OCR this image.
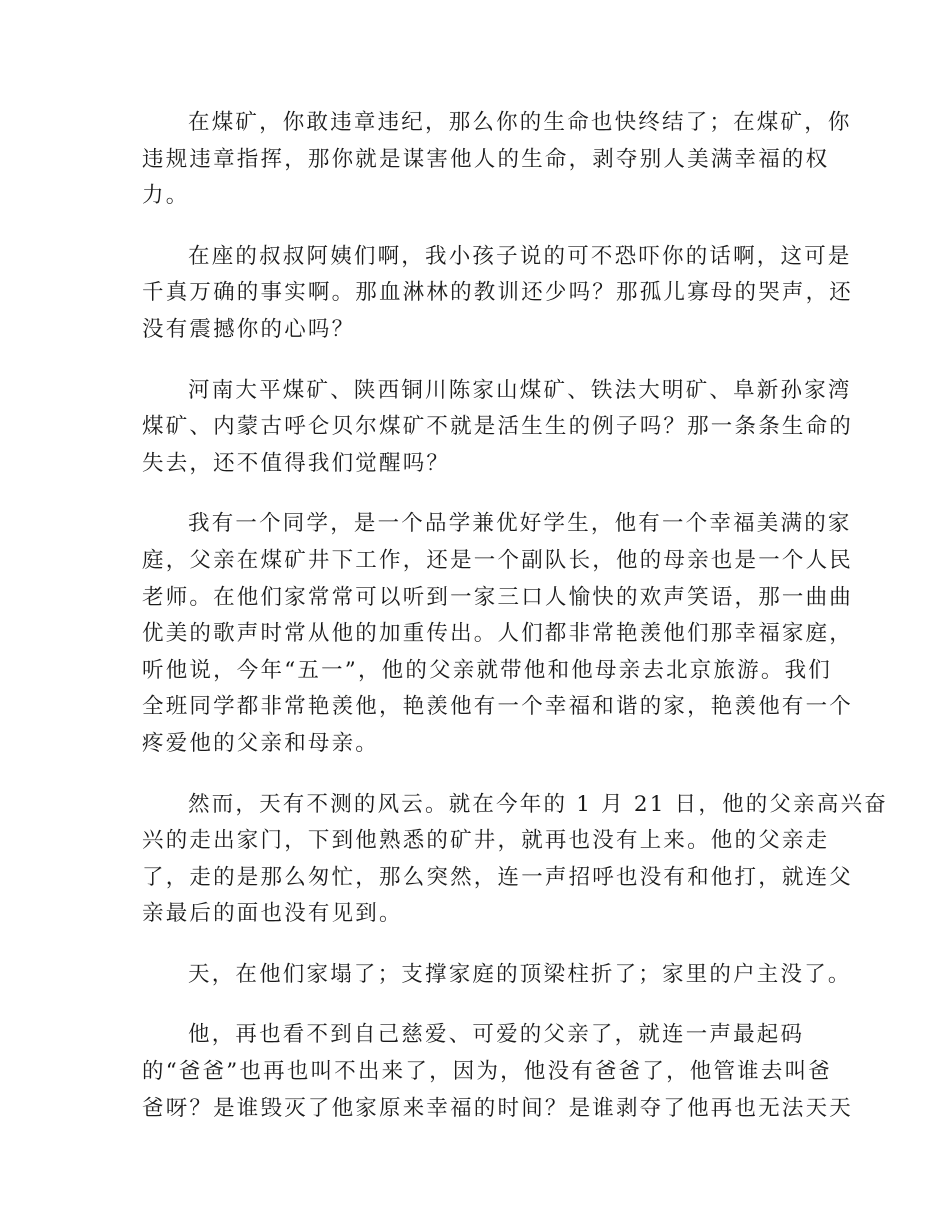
在煤矿，你敢违章违纪，那么你的生命也快终结了；在煤矿，你
违规违章指挥，那你就是谋害他人的生命，剥夺别人美满幸福的权
力。

在座的叔叔阿姨们啊，我小孩子说的可不恐吓你的话啊，这可是
千真万确的事实啊。那血淋林的教训还少吗？那孤儿寡母的哭声，还
没有震撼你的心吗？

河南大平煤矿、陕西铜川陈家山煤矿、铁法大明矿、阜新孙家湾
煤矿、内蒙古呼仑贝尔煤矿不就是活生生的例子吗？那一条条生命的
失去，还不值得我们觉醒吗？

我有一个同学，是一个品学兼优好学生，他有一个幸福美满的家
庭，父亲在煤矿井下工作，还是一个副队长，他的母亲也是一个人民
老师。在他们家常常可以听到一家三口人愉快的欢声笑语，那一曲曲
优美的歌声时常从他的加重传出。人们都非常艳羡他们那幸福家庭，
听他说，今年“五一”，他的父亲就带他和他母亲去北京旅游。我们
全班同学都非常艳羡他，艳羡他有一个幸福和谐的家，艳羡他有一个
疼爱他的父亲和母亲。

然而，天有不测的风云。就在今年的 1 月 21 日，他的父亲高兴奋
兴的走出家门，下到他熟悉的矿井，就再也没有上来。他的父亲走
了，走的是那么匆忙，那么突然，连一声招呼也没有和他打，就连父
亲最后的面也没有见到。

天，在他们家塌了；支撑家庭的顶梁柱折了；家里的户主没了。

他，再也看不到自己慈爱、可爱的父亲了，就连一声最起码
的“爸爸”也再也叫不出来了，因为，他没有爸爸了，他管谁去叫爸
爸呀？是谁毁灭了他家原来幸福的时间？是谁剥夺了他再也无法天天
